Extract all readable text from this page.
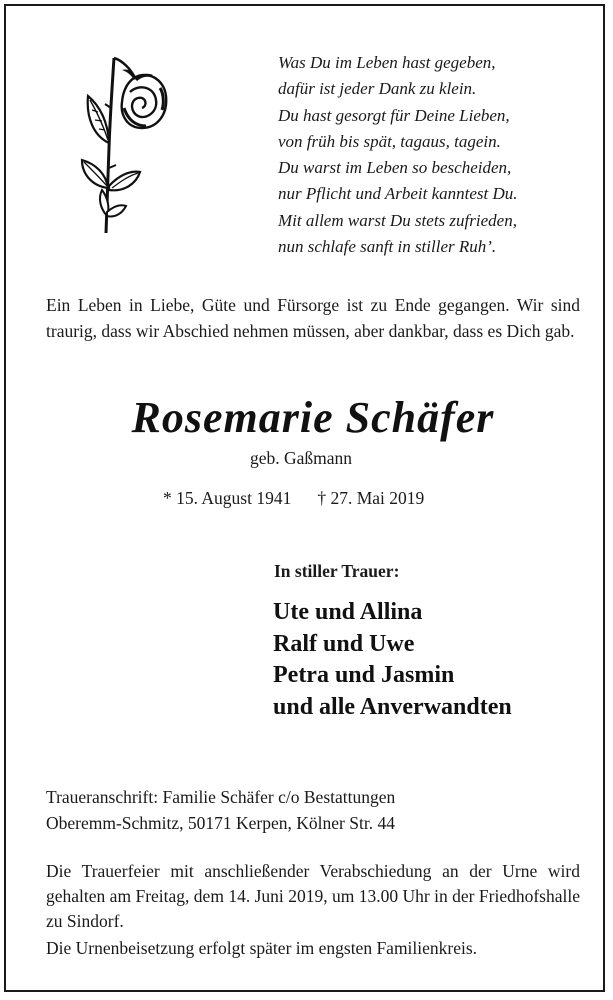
Was Du im Leben hast gegeben,
dafür ist jeder Dank zu klein.
Du hast gesorgt für Deine Lieben,
von früh bis spät, tagaus, tagein.
Du warst im Leben so bescheiden,
nur Pflicht und Arbeit kanntest Du.
Mit allem warst Du stets zufrieden,
nun schlafe sanft in stiller Ruh’.
Ein Leben in Liebe, Güte und Fürsorge ist zu Ende gegangen. Wir sind traurig, dass wir Abschied nehmen müssen, aber dankbar, dass es Dich gab.
Rosemarie Schäfer
geb. Gaßmann
* 15. August 1941 † 27. Mai 2019
In stiller Trauer:
Ute und Allina
Ralf und Uwe
Petra und Jasmin
und alle Anverwandten
Traueranschrift: Familie Schäfer c/o Bestattungen
Oberemm-Schmitz, 50171 Kerpen, Kölner Str. 44
Die Trauerfeier mit anschließender Verabschiedung an der Urne wird gehalten am Freitag, dem 14. Juni 2019, um 13.00 Uhr in der Friedhofshalle zu Sindorf.
Die Urnenbeisetzung erfolgt später im engsten Familienkreis.
